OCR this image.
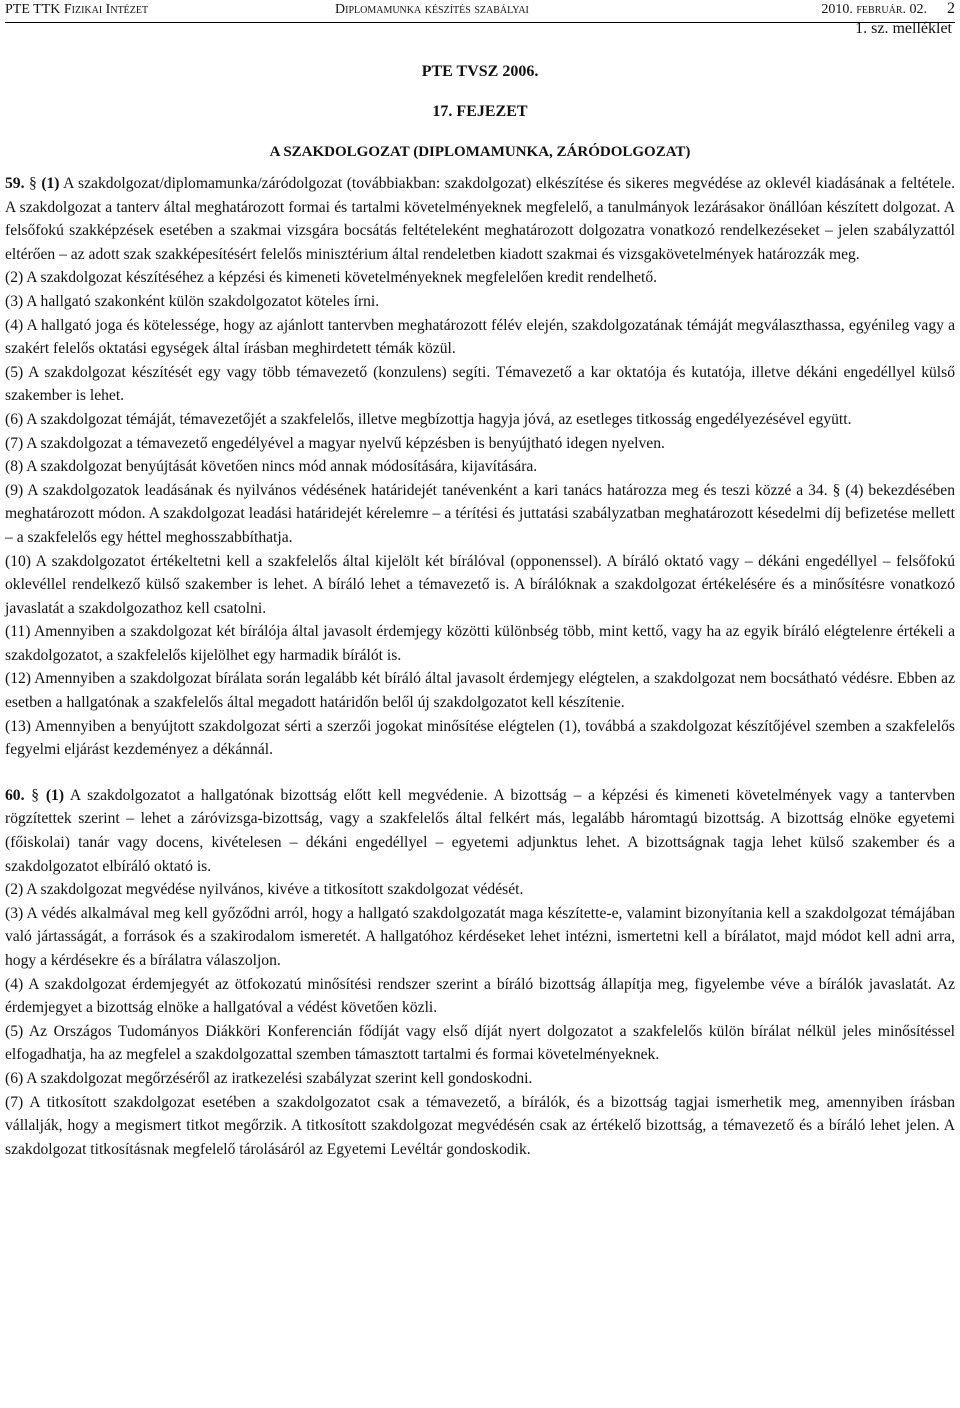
PTE TTK Fizikai Intézet	Diplomamunka készítés szabályai	2010. február. 02. 2
1. sz. melléklet
PTE TVSZ 2006.
17. FEJEZET
A SZAKDOLGOZAT (DIPLOMAMUNKA, ZÁRÓDOLGOZAT)

59. § (1) A szakdolgozat/diplomamunka/záródolgozat (továbbiakban: szakdolgozat) elkészítése és sikeres megvédése az oklevél kiadásának a feltétele. A szakdolgozat a tanterv által meghatározott formai és tartalmi követelményeknek megfelelő, a tanulmányok lezárásakor önállóan készített dolgozat. A felsőfokú szakképzések esetében a szakmai vizsgára bocsátás feltételeként meghatározott dolgozatra vonatkozó rendelkezéseket – jelen szabályzattól eltérően – az adott szak szakképesítésért felelős minisztérium által rendeletben kiadott szakmai és vizsgakövetelmények határozzák meg.

(2) A szakdolgozat készítéséhez a képzési és kimeneti követelményeknek megfelelően kredit rendelhető.

(3) A hallgató szakonként külön szakdolgozatot köteles írni.

(4) A hallgató joga és kötelessége, hogy az ajánlott tantervben meghatározott félév elején, szakdolgozatának témáját megválaszthassa, egyénileg vagy a szakért felelős oktatási egységek által írásban meghirdetett témák közül.

(5) A szakdolgozat készítését egy vagy több témavezető (konzulens) segíti. Témavezető a kar oktatója és kutatója, illetve dékáni engedéllyel külső szakember is lehet.

(6) A szakdolgozat témáját, témavezetőjét a szakfelelős, illetve megbízottja hagyja jóvá, az esetleges titkosság engedélyezésével együtt.

(7) A szakdolgozat a témavezető engedélyével a magyar nyelvű képzésben is benyújtható idegen nyelven.

(8) A szakdolgozat benyújtását követően nincs mód annak módosítására, kijavítására.

(9) A szakdolgozatok leadásának és nyilvános védésének határidejét tanévenként a kari tanács határozza meg és teszi közzé a 34. § (4) bekezdésében meghatározott módon. A szakdolgozat leadási határidejét kérelemre – a térítési és juttatási szabályzatban meghatározott késedelmi díj befizetése mellett – a szakfelelős egy héttel meghosszabbíthatja.

(10) A szakdolgozatot értékeltetni kell a szakfelelős által kijelölt két bírálóval (opponenssel). A bíráló oktató vagy – dékáni engedéllyel – felsőfokú oklevéllel rendelkező külső szakember is lehet. A bíráló lehet a témavezető is. A bírálóknak a szakdolgozat értékelésére és a minősítésre vonatkozó javaslatát a szakdolgozathoz kell csatolni.

(11) Amennyiben a szakdolgozat két bírálója által javasolt érdemjegy közötti különbség több, mint kettő, vagy ha az egyik bíráló elégtelenre értékeli a szakdolgozatot, a szakfelelős kijelölhet egy harmadik bírálót is.

(12) Amennyiben a szakdolgozat bírálata során legalább két bíráló által javasolt érdemjegy elégtelen, a szakdolgozat nem bocsátható védésre. Ebben az esetben a hallgatónak a szakfelelős által megadott határidőn belől új szakdolgozatot kell készítenie.

(13) Amennyiben a benyújtott szakdolgozat sérti a szerzői jogokat minősítése elégtelen (1), továbbá a szakdolgozat készítőjével szemben a szakfelelős fegyelmi eljárást kezdeményez a dékánnál.

60. § (1) A szakdolgozatot a hallgatónak bizottság előtt kell megvédenie. A bizottság – a képzési és kimeneti követelmények vagy a tantervben rögzítettek szerint – lehet a záróvizsga-bizottság, vagy a szakfelelős által felkért más, legalább háromtagú bizottság. A bizottság elnöke egyetemi (főiskolai) tanár vagy docens, kivételesen – dékáni engedéllyel – egyetemi adjunktus lehet. A bizottságnak tagja lehet külső szakember és a szakdolgozatot elbíráló oktató is.

(2) A szakdolgozat megvédése nyilvános, kivéve a titkosított szakdolgozat védését.

(3) A védés alkalmával meg kell győződni arról, hogy a hallgató szakdolgozatát maga készítette-e, valamint bizonyítania kell a szakdolgozat témájában való jártasságát, a források és a szakirodalom ismeretét. A hallgatóhoz kérdéseket lehet intézni, ismertetni kell a bírálatot, majd módot kell adni arra, hogy a kérdésekre és a bírálatra válaszoljon.

(4) A szakdolgozat érdemjegyét az ötfokozatú minősítési rendszer szerint a bíráló bizottság állapítja meg, figyelembe véve a bírálók javaslatát. Az érdemjegyet a bizottság elnöke a hallgatóval a védést követően közli.

(5) Az Országos Tudományos Diákköri Konferencián fődíját vagy első díját nyert dolgozatot a szakfelelős külön bírálat nélkül jeles minősítéssel elfogadhatja, ha az megfelel a szakdolgozattal szemben támasztott tartalmi és formai követelményeknek.

(6) A szakdolgozat megőrzéséről az iratkezelési szabályzat szerint kell gondoskodni.

(7) A titkosított szakdolgozat esetében a szakdolgozatot csak a témavezető, a bírálók, és a bizottság tagjai ismerhetik meg, amennyiben írásban vállalják, hogy a megismert titkot megőrzik. A titkosított szakdolgozat megvédésén csak az értékelő bizottság, a témavezető és a bíráló lehet jelen. A szakdolgozat titkosításnak megfelelő tárolásáról az Egyetemi Levéltár gondoskodik.
